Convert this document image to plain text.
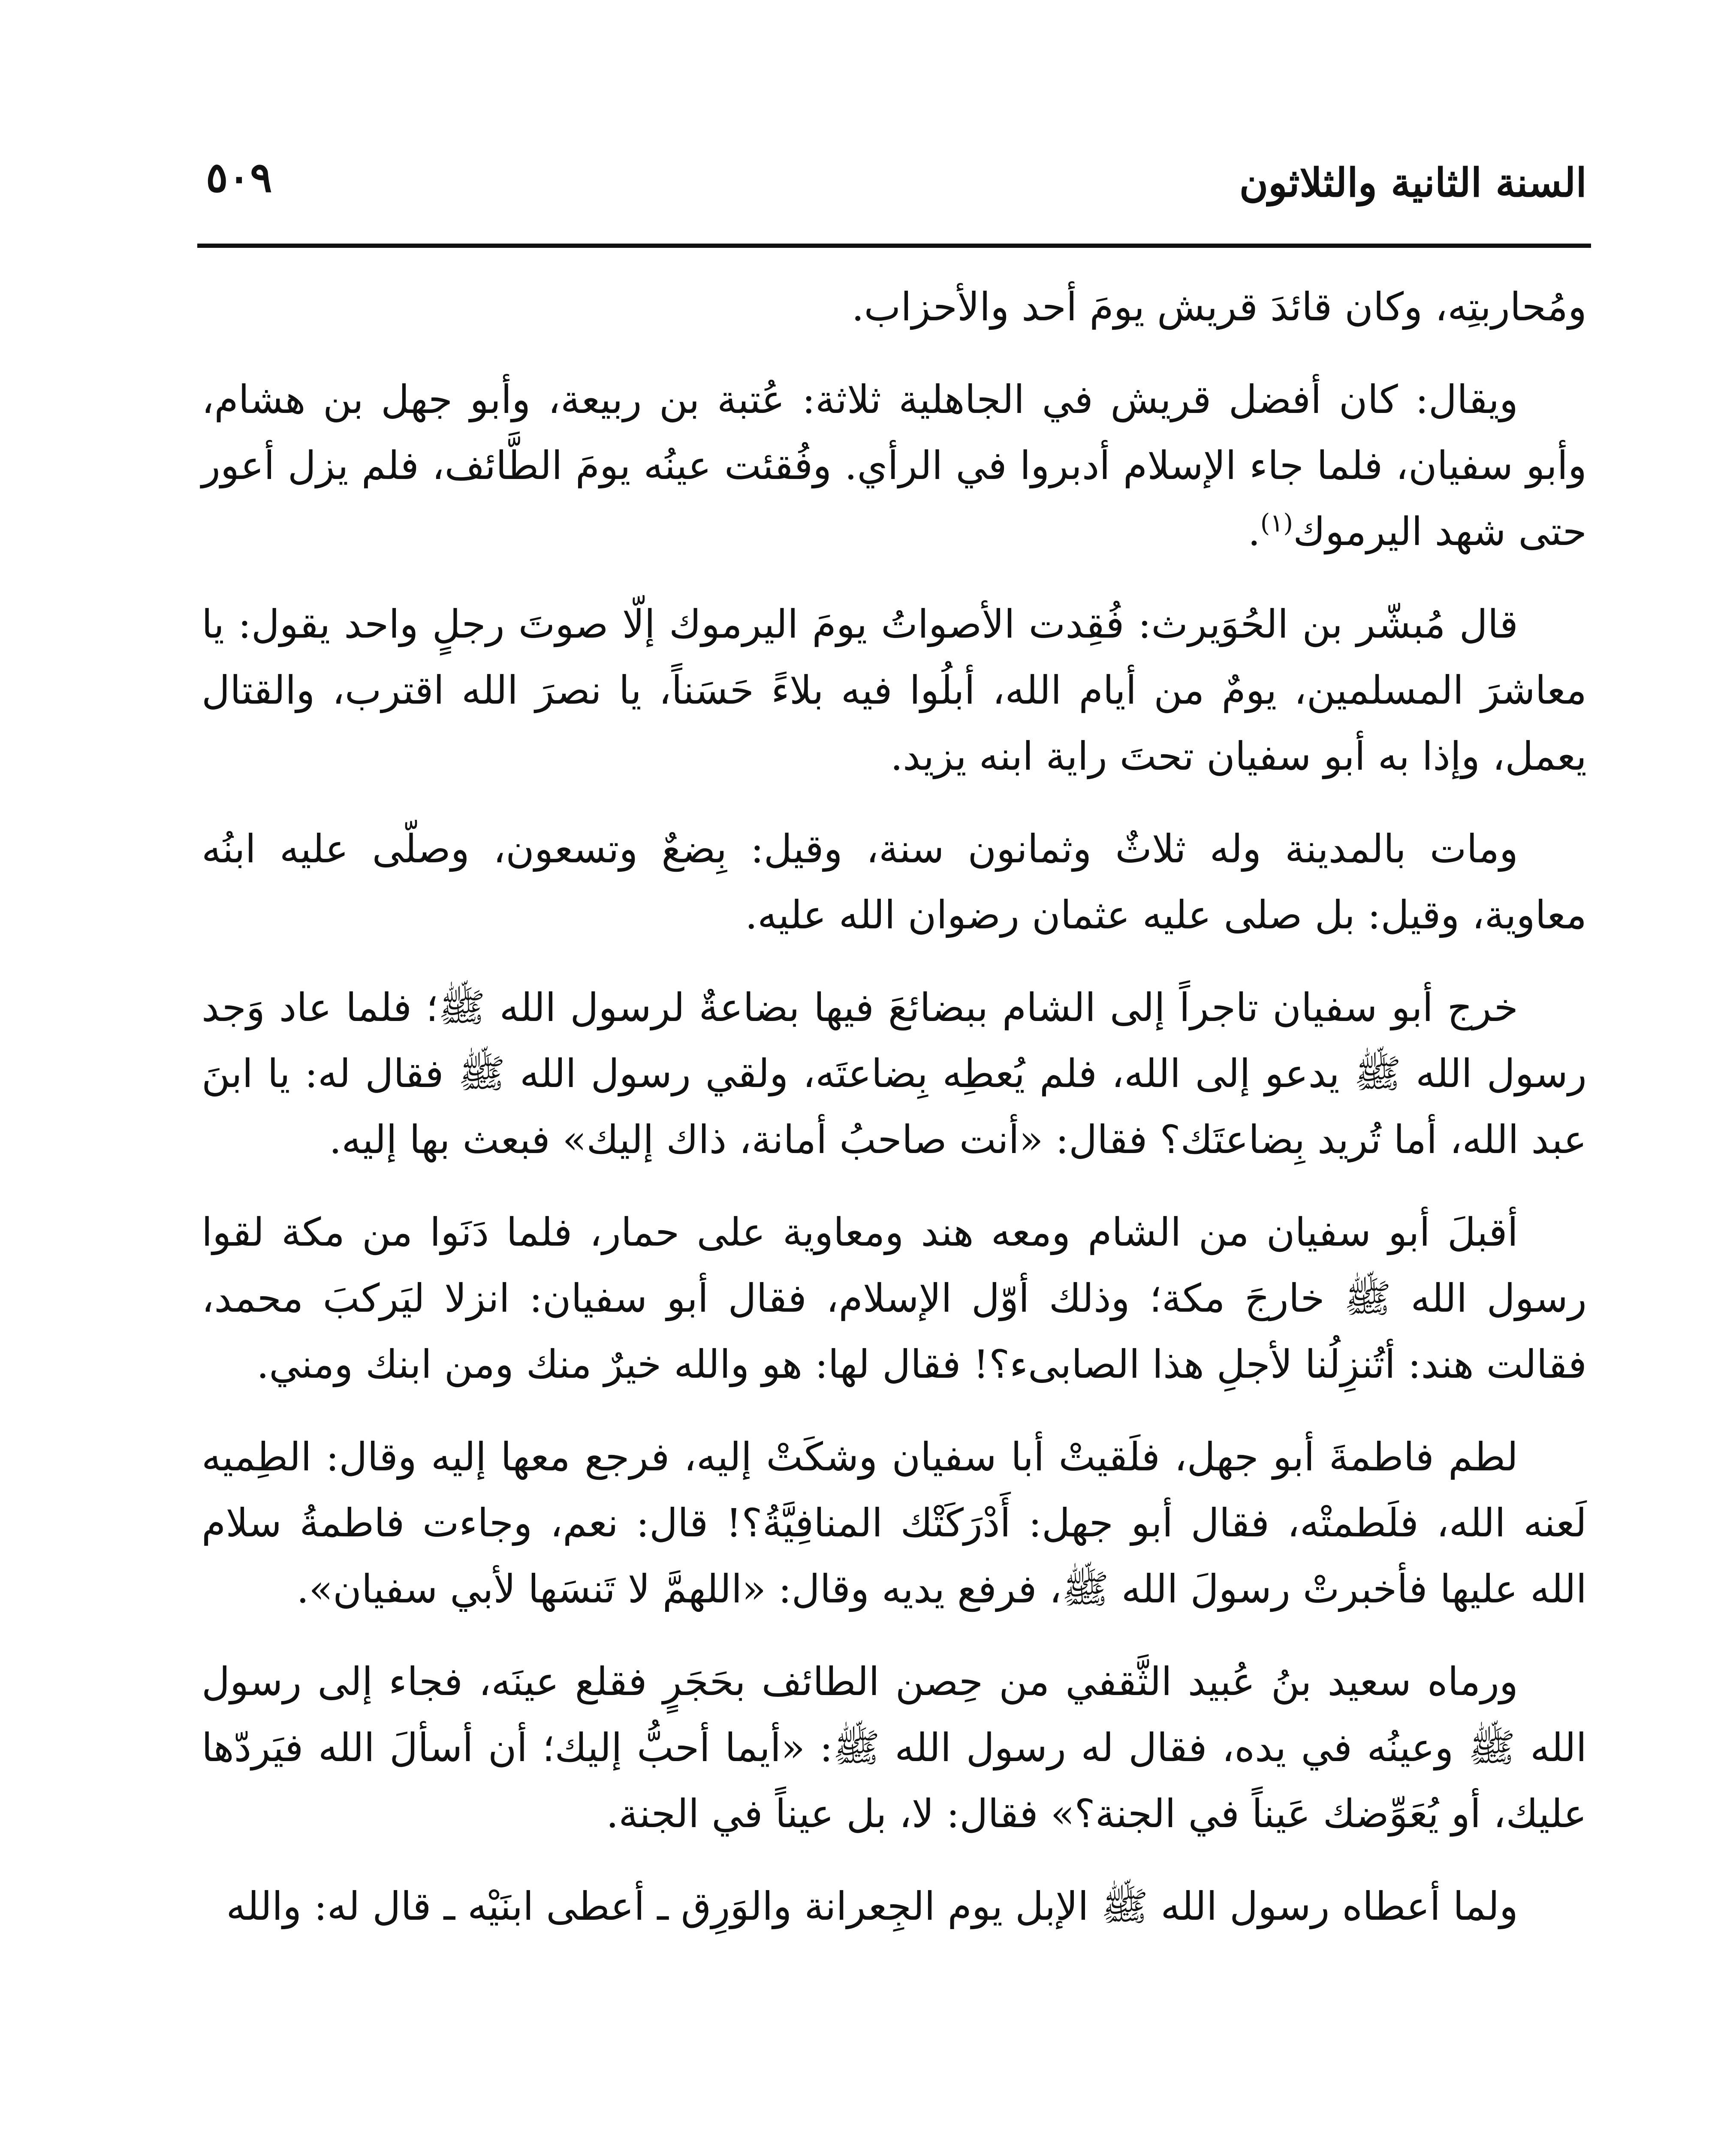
السنة الثانية والثلاثون
٥٠٩

ومُحاربتِه، وكان قائدَ قريش يومَ أحد والأحزاب.

ويقال: كان أفضل قريش في الجاهلية ثلاثة: عُتبة بن ربيعة، وأبو جهل بن هشام، وأبو سفيان، فلما جاء الإسلام أدبروا في الرأي. وفُقئت عينُه يومَ الطَّائف، فلم يزل أعور حتى شهد اليرموك$^{(١)}$.

قال مُبشّر بن الحُوَيرث: فُقِدت الأصواتُ يومَ اليرموك إلّا صوتَ رجلٍ واحد يقول: يا معاشرَ المسلمين، يومٌ من أيام الله، أبلُوا فيه بلاءً حَسَناً، يا نصرَ الله اقترب، والقتال يعمل، وإذا به أبو سفيان تحتَ راية ابنه يزيد.

ومات بالمدينة وله ثلاثٌ وثمانون سنة، وقيل: بِضعٌ وتسعون، وصلّى عليه ابنُه معاوية، وقيل: بل صلى عليه عثمان رضوان الله عليه.

خرج أبو سفيان تاجراً إلى الشام ببضائعَ فيها بضاعةٌ لرسول الله ﷺ؛ فلما عاد وَجد رسول الله ﷺ يدعو إلى الله، فلم يُعطِه بِضاعتَه، ولقي رسول الله ﷺ فقال له: يا ابنَ عبد الله، أما تُريد بِضاعتَك؟ فقال: «أنت صاحبُ أمانة، ذاك إليك» فبعث بها إليه.

أقبلَ أبو سفيان من الشام ومعه هند ومعاوية على حمار، فلما دَنَوا من مكة لقوا رسول الله ﷺ خارجَ مكة؛ وذلك أوّل الإسلام، فقال أبو سفيان: انزلا ليَركبَ محمد، فقالت هند: أتُنزِلُنا لأجلِ هذا الصابىء؟! فقال لها: هو والله خيرٌ منك ومن ابنك ومني.

لطم فاطمةَ أبو جهل، فلَقيتْ أبا سفيان وشكَتْ إليه، فرجع معها إليه وقال: الطِميه لَعنه الله، فلَطمتْه، فقال أبو جهل: أَدْرَكَتْك المنافِيَّةُ؟! قال: نعم، وجاءت فاطمةُ سلام الله عليها فأخبرتْ رسولَ الله ﷺ، فرفع يديه وقال: «اللهمَّ لا تَنسَها لأبي سفيان».

ورماه سعيد بنُ عُبيد الثَّقفي من حِصن الطائف بحَجَرٍ فقلع عينَه، فجاء إلى رسول الله ﷺ وعينُه في يده، فقال له رسول الله ﷺ: «أيما أحبُّ إليك؛ أن أسألَ الله فيَردّها عليك، أو يُعَوِّضك عَيناً في الجنة؟» فقال: لا، بل عيناً في الجنة.

ولما أعطاه رسول الله ﷺ الإبل يوم الجِعرانة والوَرِق ـ أعطى ابنَيْه ـ قال له: والله
